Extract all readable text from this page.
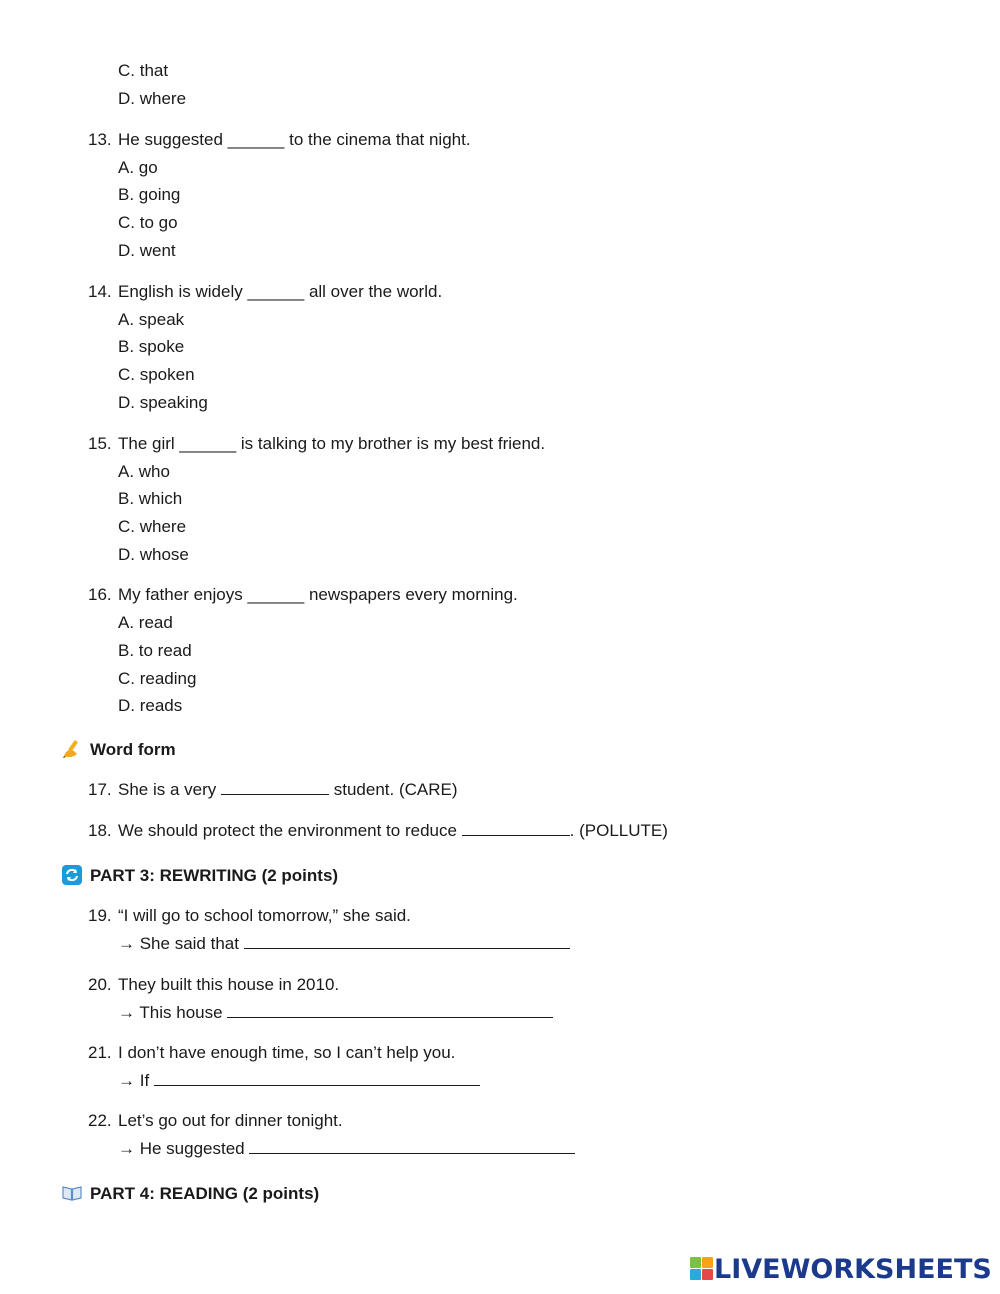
C. that
D. where
13. He suggested ______ to the cinema that night.
A. go
B. going
C. to go
D. went
14. English is widely ______ all over the world.
A. speak
B. spoke
C. spoken
D. speaking
15. The girl ______ is talking to my brother is my best friend.
A. who
B. which
C. where
D. whose
16. My father enjoys ______ newspapers every morning.
A. read
B. to read
C. reading
D. reads
Word form
17. She is a very	student. (CARE)
18. We should protect the environment to reduce	. (POLLUTE)
PART 3: REWRITING (2 points)
19. “I will go to school tomorrow,” she said.
→ She said that
20. They built this house in 2010.
→ This house
21. I don’t have enough time, so I can’t help you.
→ If
22. Let’s go out for dinner tonight.
→ He suggested
PART 4: READING (2 points)
LIVEWORKSHEETS
